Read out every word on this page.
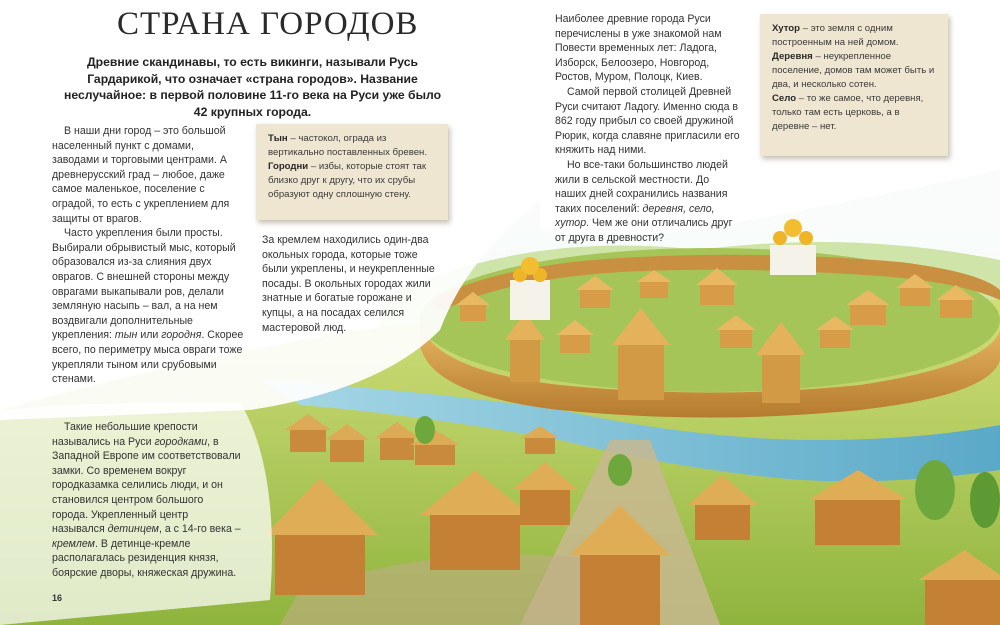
СТРАНА ГОРОДОВ

Древние скандинавы, то есть викинги, называли Русь Гардарикой, что означает «страна городов». Название неслучайное: в первой половине 11-го века на Руси уже было 42 крупных города.

В наши дни город – это большой населенный пункт с домами, заводами и торговыми центрами. А древнерусский град – любое, даже самое маленькое, поселение с оградой, то есть с укреплением для защиты от врагов.

Часто укрепления были просты. Выбирали обрывистый мыс, который образовался из-за слияния двух оврагов. С внешней стороны между оврагами выкапывали ров, делали земляную насыпь – вал, а на нем воздвигали дополнительные укрепления: тын или городня. Скорее всего, по периметру мыса овраги тоже укрепляли тыном или срубовыми стенами.

Тын – частокол, ограда из вертикально поставленных бревен.

Городни – избы, которые стоят так близко друг к другу, что их срубы образуют одну сплошную стену.

За кремлем находились один-два окольных города, которые тоже были укреплены, и неукрепленные посады. В окольных городах жили знатные и богатые горожане и купцы, а на посадах селился мастеровой люд.

Наиболее древние города Руси перечислены в уже знакомой нам Повести временных лет: Ладога, Изборск, Белоозеро, Новгород, Ростов, Муром, Полоцк, Киев.

Самой первой столицей Древней Руси считают Ладогу. Именно сюда в 862 году прибыл со своей дружиной Рюрик, когда славяне пригласили его княжить над ними.

Но все-таки большинство людей жили в сельской местности. До наших дней сохранились названия таких поселений: деревня, село, хутор. Чем же они отличались друг от друга в древности?

Хутор – это земля с одним построенным на ней домом.

Деревня – неукрепленное поселение, домов там может быть и два, и несколько сотен.

Село – то же самое, что деревня, только там есть церковь, а в деревне – нет.

Такие небольшие крепости назывались на Руси городками, в Западной Европе им соответствовали замки. Со временем вокруг городказамка селились люди, и он становился центром большого города. Укрепленный центр назывался детинцем, а с 14-го века – кремлем. В детинце-кремле располагалась резиденция князя, боярские дворы, княжеская дружина.

16
